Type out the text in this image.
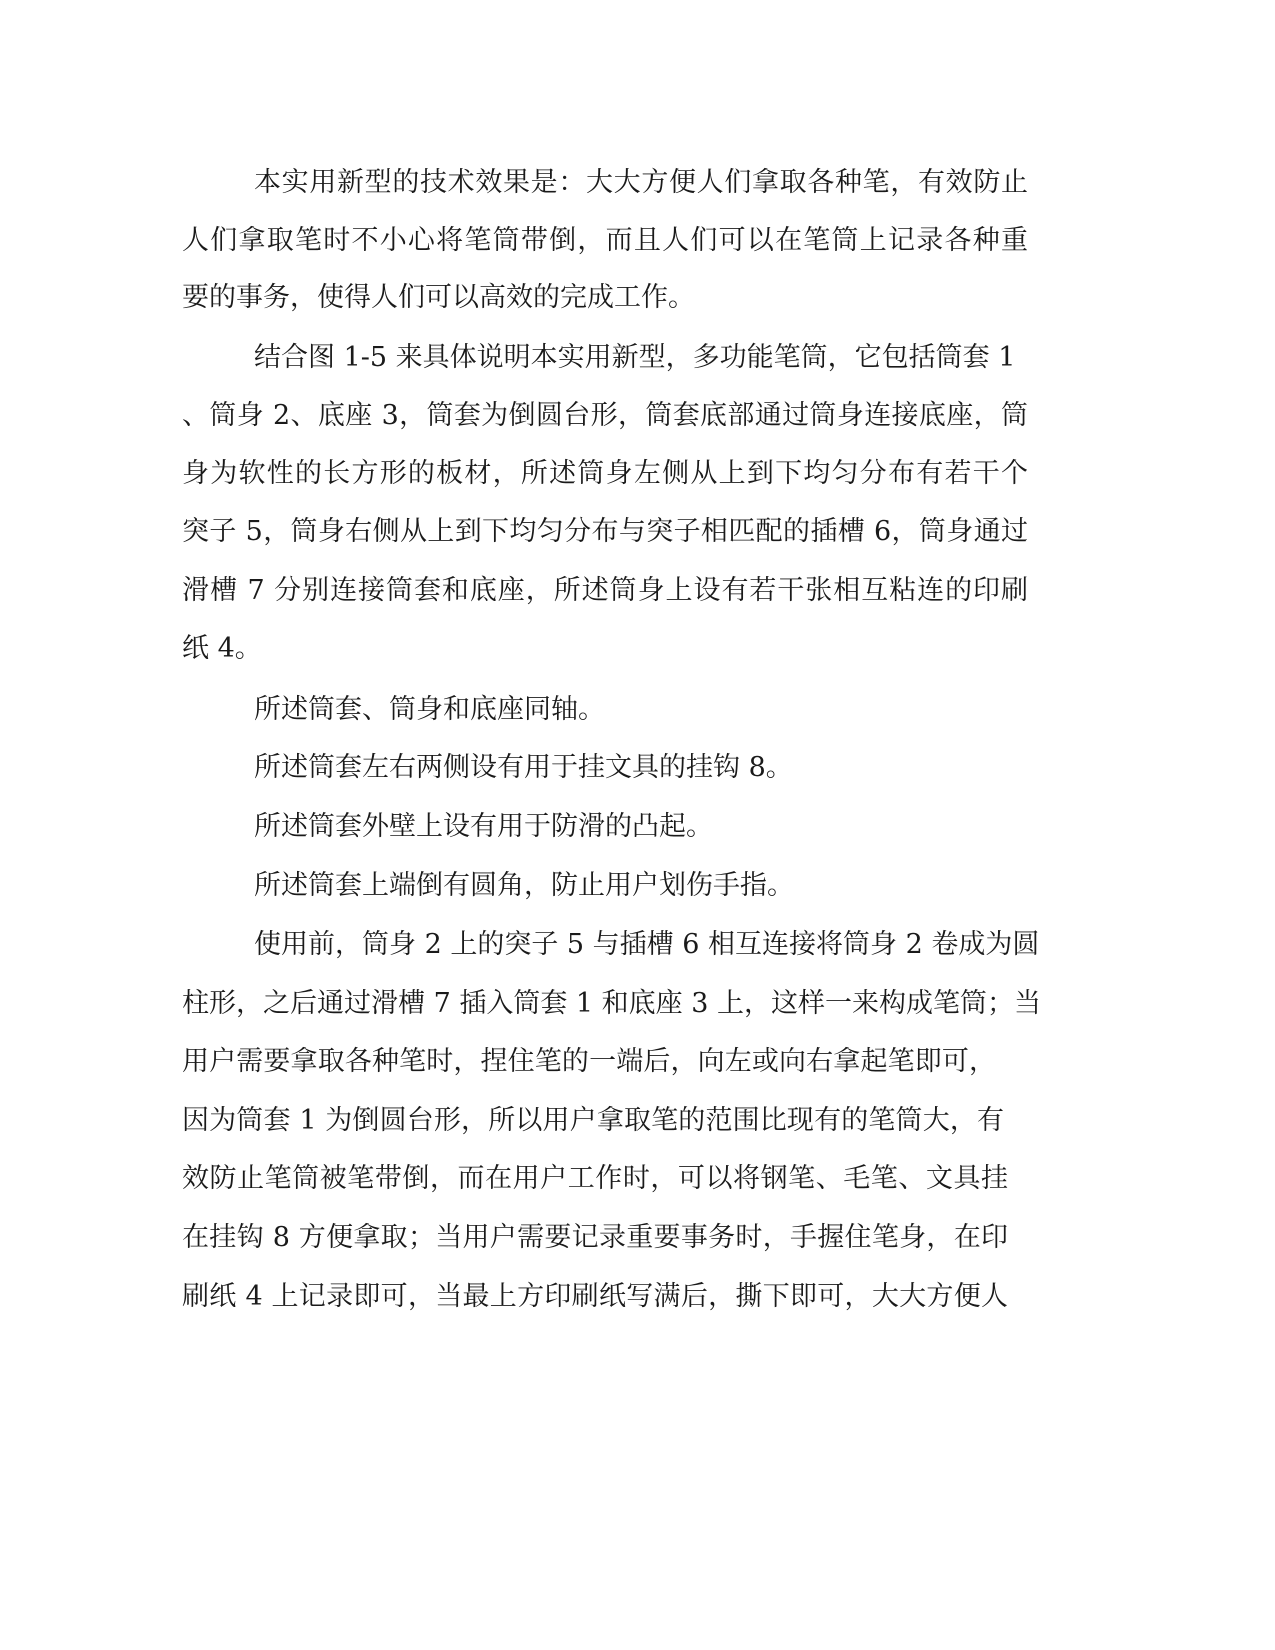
本实用新型的技术效果是：大大方便人们拿取各种笔，有效防止
人们拿取笔时不小心将笔筒带倒，而且人们可以在笔筒上记录各种重
要的事务，使得人们可以高效的完成工作。
结合图 1-5 来具体说明本实用新型，多功能笔筒，它包括筒套 1
、筒身 2、底座 3，筒套为倒圆台形，筒套底部通过筒身连接底座，筒
身为软性的长方形的板材，所述筒身左侧从上到下均匀分布有若干个
突子 5，筒身右侧从上到下均匀分布与突子相匹配的插槽 6，筒身通过
滑槽 7 分别连接筒套和底座，所述筒身上设有若干张相互粘连的印刷
纸 4。
所述筒套、筒身和底座同轴。
所述筒套左右两侧设有用于挂文具的挂钩 8。
所述筒套外壁上设有用于防滑的凸起。
所述筒套上端倒有圆角，防止用户划伤手指。
使用前，筒身 2 上的突子 5 与插槽 6 相互连接将筒身 2 卷成为圆
柱形，之后通过滑槽 7 插入筒套 1 和底座 3 上，这样一来构成笔筒；当
用户需要拿取各种笔时，捏住笔的一端后，向左或向右拿起笔即可，
因为筒套 1 为倒圆台形，所以用户拿取笔的范围比现有的笔筒大，有
效防止笔筒被笔带倒，而在用户工作时，可以将钢笔、毛笔、文具挂
在挂钩 8 方便拿取；当用户需要记录重要事务时，手握住笔身，在印
刷纸 4 上记录即可，当最上方印刷纸写满后，撕下即可，大大方便人
